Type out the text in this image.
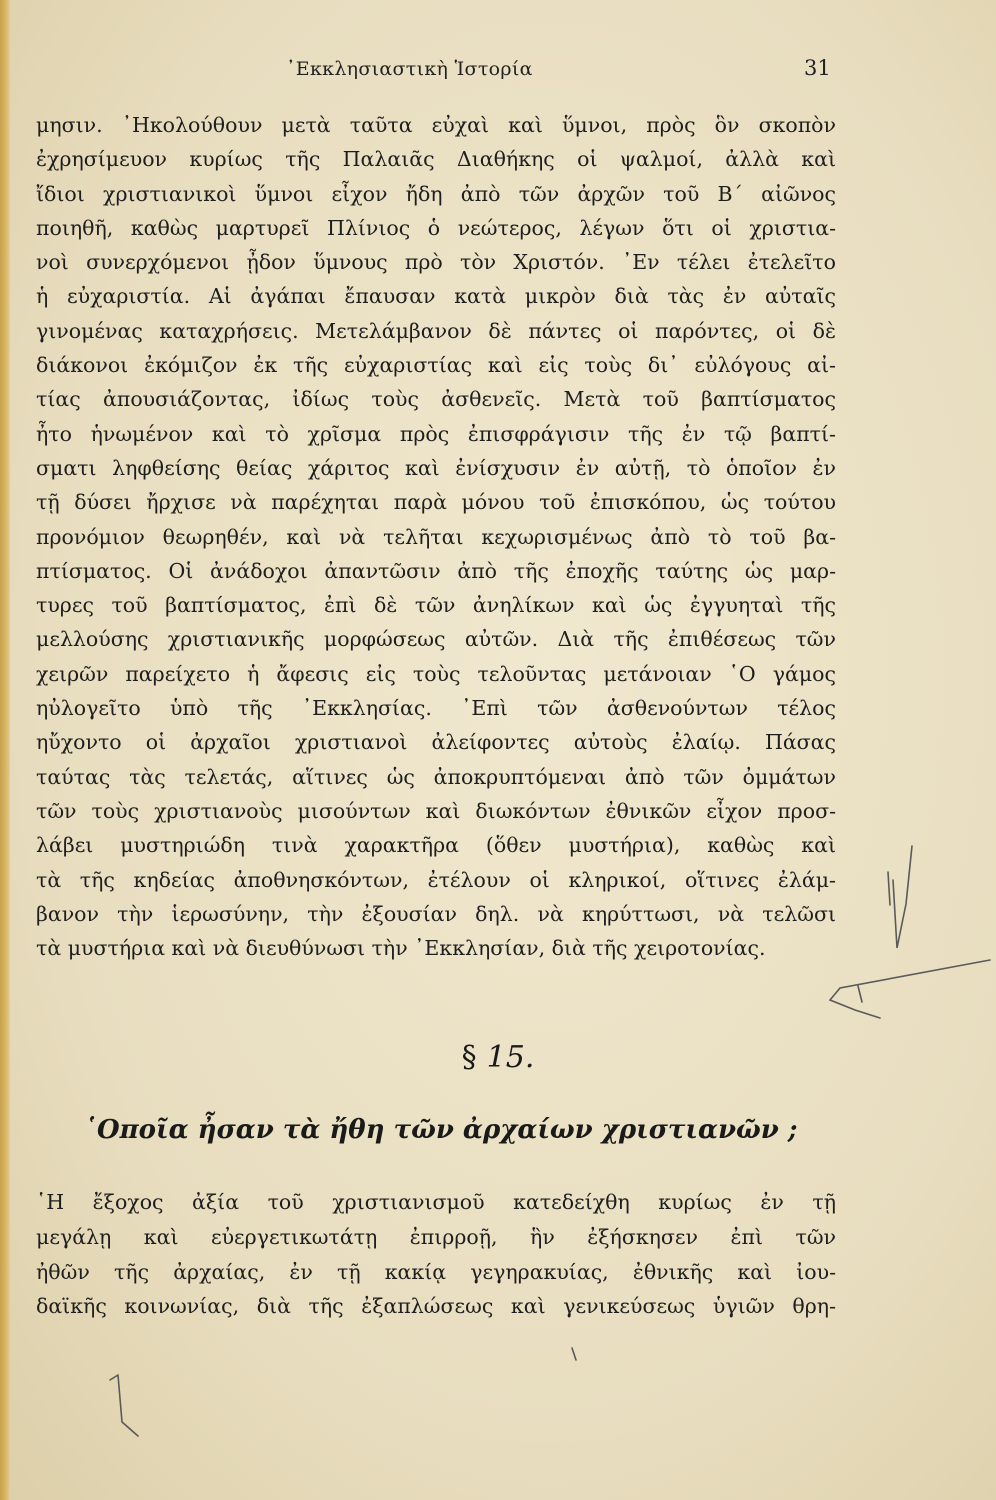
᾿Εκκλησιαστικὴ Ἱστορία	31
μησιν. ᾿Ηκολούθουν μετὰ ταῦτα εὐχαὶ καὶ ὕμνοι, πρὸς ὃν σκοπὸν
ἐχρησίμευον κυρίως τῆς Παλαιᾶς Διαθήκης οἱ ψαλμοί, ἀλλὰ καὶ
ἴδιοι χριστιανικοὶ ὕμνοι εἶχον ἤδη ἀπὸ τῶν ἀρχῶν τοῦ Β΄ αἰῶνος
ποιηθῆ, καθὼς μαρτυρεῖ Πλίνιος ὁ νεώτερος, λέγων ὅτι οἱ χριστια-
νοὶ συνερχόμενοι ᾖδον ὕμνους πρὸ τὸν Χριστόν. ᾿Εν τέλει ἐτελεῖτο
ἡ εὐχαριστία. Αἱ ἀγάπαι ἔπαυσαν κατὰ μικρὸν διὰ τὰς ἐν αὐταῖς
γινομένας καταχρήσεις. Μετελάμβανον δὲ πάντες οἱ παρόντες, οἱ δὲ
διάκονοι ἐκόμιζον ἐκ τῆς εὐχαριστίας καὶ εἰς τοὺς δι᾿ εὐλόγους αἰ-
τίας ἀπουσιάζοντας, ἰδίως τοὺς ἀσθενεῖς. Μετὰ τοῦ βαπτίσματος
ἦτο ἡνωμένον καὶ τὸ χρῖσμα πρὸς ἐπισφράγισιν τῆς ἐν τῷ βαπτί-
σματι ληφθείσης θείας χάριτος καὶ ἐνίσχυσιν ἐν αὐτῇ, τὸ ὁποῖον ἐν
τῇ δύσει ἤρχισε νὰ παρέχηται παρὰ μόνου τοῦ ἐπισκόπου, ὡς τούτου
προνόμιον θεωρηθέν, καὶ νὰ τελῆται κεχωρισμένως ἀπὸ τὸ τοῦ βα-
πτίσματος. Οἱ ἀνάδοχοι ἀπαντῶσιν ἀπὸ τῆς ἐποχῆς ταύτης ὡς μαρ-
τυρες τοῦ βαπτίσματος, ἐπὶ δὲ τῶν ἀνηλίκων καὶ ὡς ἐγγυηταὶ τῆς
μελλούσης χριστιανικῆς μορφώσεως αὐτῶν. Διὰ τῆς ἐπιθέσεως τῶν
χειρῶν παρείχετο ἡ ἄφεσις εἰς τοὺς τελοῦντας μετάνοιαν ῾Ο γάμος
ηὐλογεῖτο ὑπὸ τῆς ᾿Εκκλησίας. ᾿Επὶ τῶν ἀσθενούντων τέλος
ηὔχοντο οἱ ἀρχαῖοι χριστιανοὶ ἀλείφοντες αὐτοὺς ἐλαίῳ. Πάσας
ταύτας τὰς τελετάς, αἵτινες ὡς ἀποκρυπτόμεναι ἀπὸ τῶν ὀμμάτων
τῶν τοὺς χριστιανοὺς μισούντων καὶ διωκόντων ἐθνικῶν εἶχον προσ-
λάβει μυστηριώδη τινὰ χαρακτῆρα (ὅθεν μυστήρια), καθὼς καὶ
τὰ τῆς κηδείας ἀποθνησκόντων, ἐτέλουν οἱ κληρικοί, οἵτινες ἐλάμ-
βανον τὴν ἱερωσύνην, τὴν ἐξουσίαν δηλ. νὰ κηρύττωσι, νὰ τελῶσι
τὰ μυστήρια καὶ νὰ διευθύνωσι τὴν ᾿Εκκλησίαν, διὰ τῆς χειροτονίας.
§ 15.
῾Οποῖα ἦσαν τὰ ἤθη τῶν ἀρχαίων χριστιανῶν ;
῾Η ἔξοχος ἀξία τοῦ χριστιανισμοῦ κατεδείχθη κυρίως ἐν τῇ
μεγάλῃ καὶ εὐεργετικωτάτῃ ἐπιρροῇ, ἣν ἐξήσκησεν ἐπὶ τῶν
ἠθῶν τῆς ἀρχαίας, ἐν τῇ κακίᾳ γεγηρακυίας, ἐθνικῆς καὶ ἰου-
δαϊκῆς κοινωνίας, διὰ τῆς ἐξαπλώσεως καὶ γενικεύσεως ὑγιῶν θρη-
